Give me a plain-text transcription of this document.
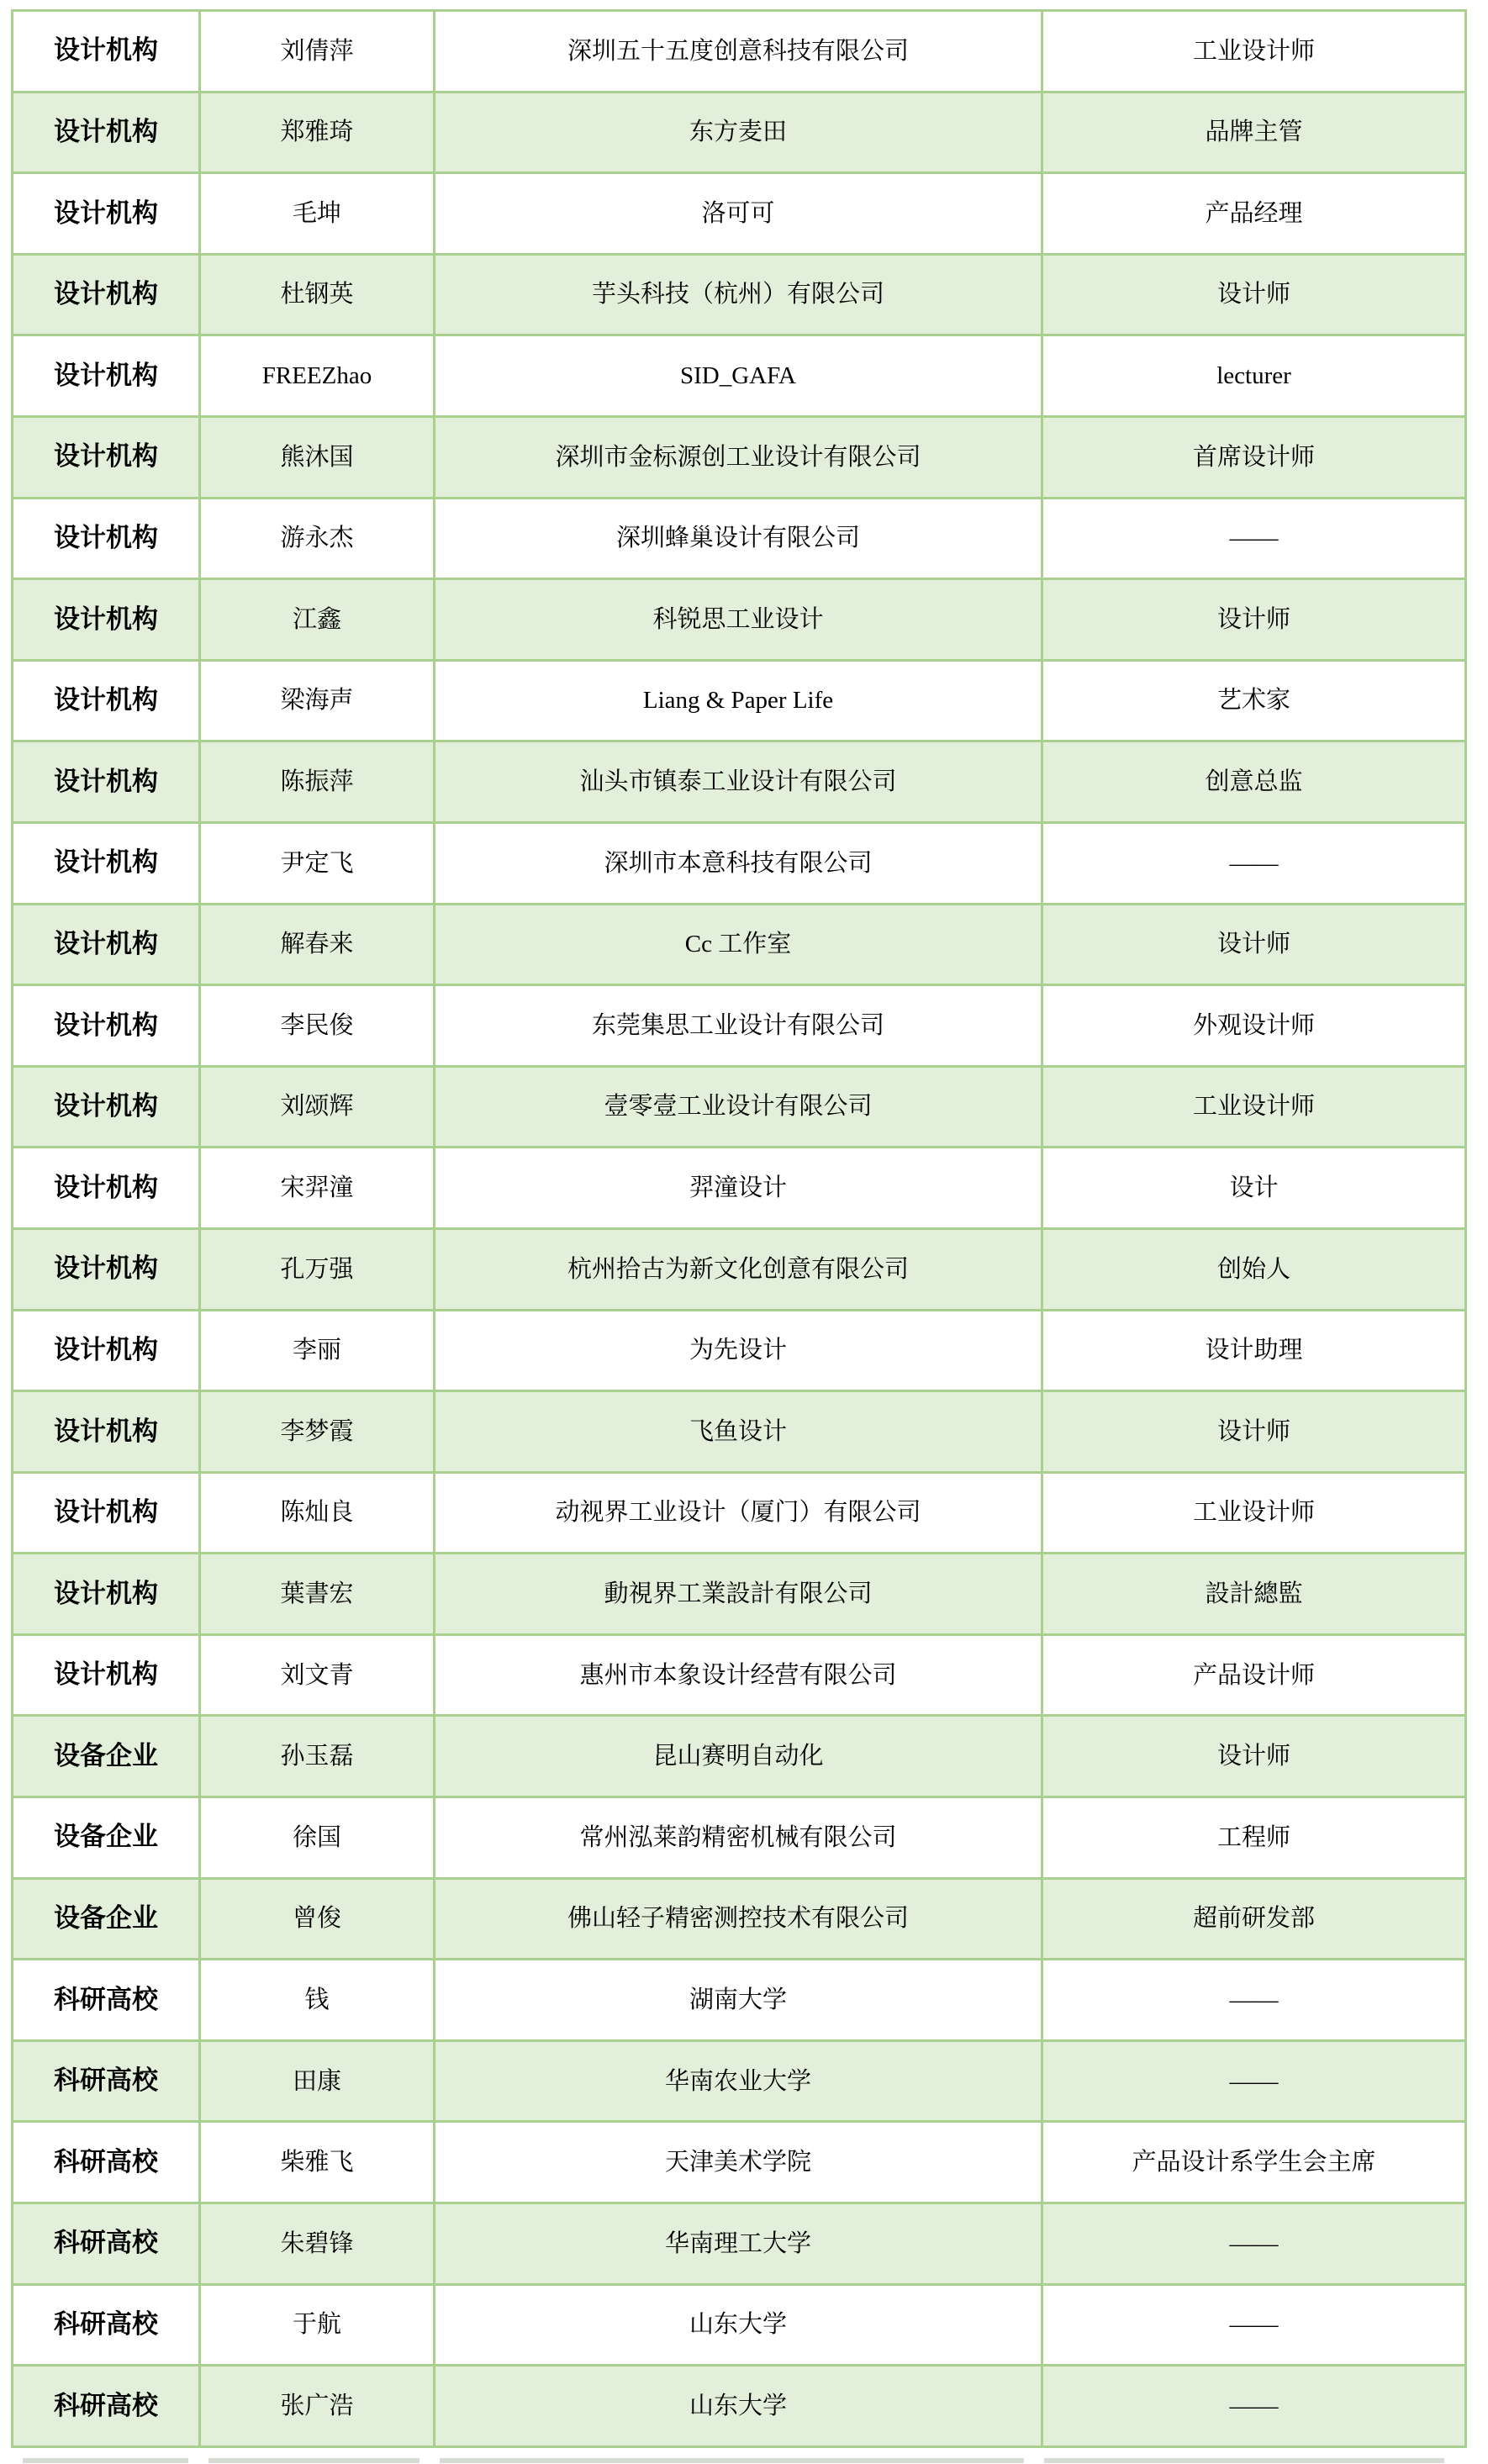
设计机构	刘倩萍	深圳五十五度创意科技有限公司	工业设计师
设计机构	郑雅琦	东方麦田	品牌主管
设计机构	毛坤	洛可可	产品经理
设计机构	杜钢英	芋头科技（杭州）有限公司	设计师
设计机构	FREEZhao	SID_GAFA	lecturer
设计机构	熊沐国	深圳市金标源创工业设计有限公司	首席设计师
设计机构	游永杰	深圳蜂巢设计有限公司	——
设计机构	江鑫	科锐思工业设计	设计师
设计机构	梁海声	Liang & Paper Life	艺术家
设计机构	陈振萍	汕头市镇泰工业设计有限公司	创意总监
设计机构	尹定飞	深圳市本意科技有限公司	——
设计机构	解春来	Cc 工作室	设计师
设计机构	李民俊	东莞集思工业设计有限公司	外观设计师
设计机构	刘颂辉	壹零壹工业设计有限公司	工业设计师
设计机构	宋羿潼	羿潼设计	设计
设计机构	孔万强	杭州拾古为新文化创意有限公司	创始人
设计机构	李丽	为先设计	设计助理
设计机构	李梦霞	飞鱼设计	设计师
设计机构	陈灿良	动视界工业设计（厦门）有限公司	工业设计师
设计机构	葉書宏	動視界工業設計有限公司	設計總監
设计机构	刘文青	惠州市本象设计经营有限公司	产品设计师
设备企业	孙玉磊	昆山赛明自动化	设计师
设备企业	徐国	常州泓莱韵精密机械有限公司	工程师
设备企业	曾俊	佛山轻子精密测控技术有限公司	超前研发部
科研高校	钱	湖南大学	——
科研高校	田康	华南农业大学	——
科研高校	柴雅飞	天津美术学院	产品设计系学生会主席
科研高校	朱碧锋	华南理工大学	——
科研高校	于航	山东大学	——
科研高校	张广浩	山东大学	——
